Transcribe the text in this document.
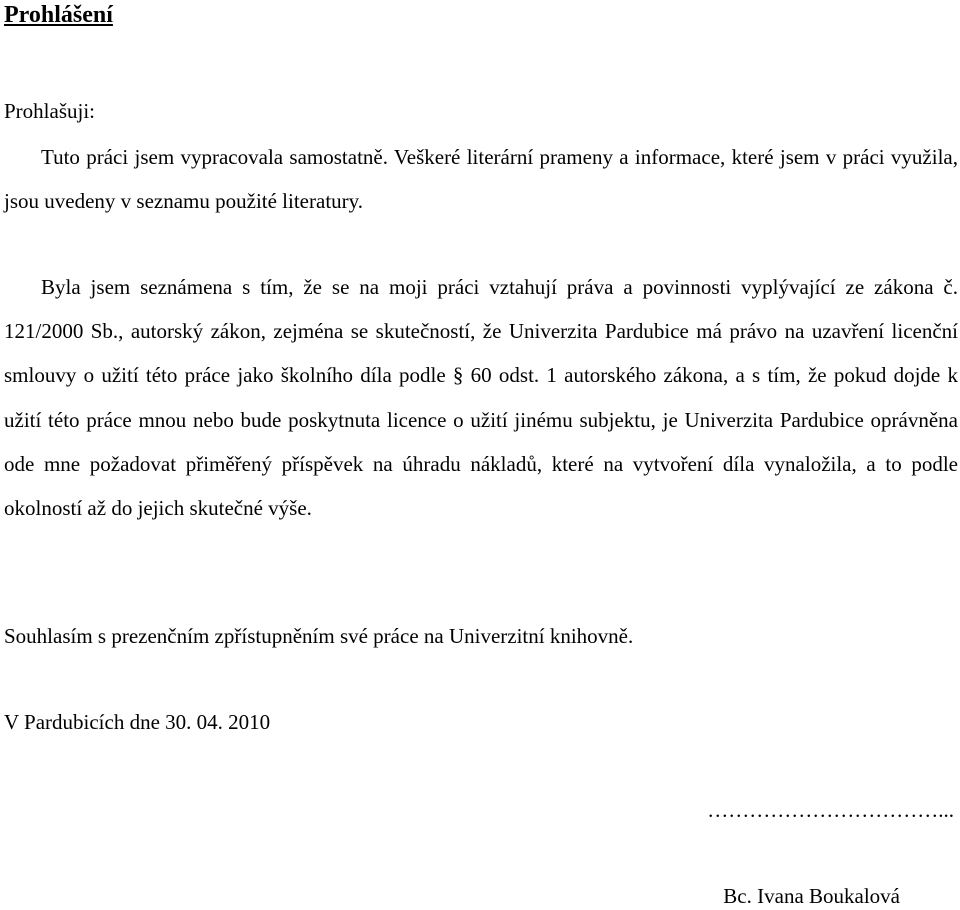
Prohlášení

Prohlašuji:

Tuto práci jsem vypracovala samostatně. Veškeré literární prameny a informace, které jsem v práci využila, jsou uvedeny v seznamu použité literatury.

Byla jsem seznámena s tím, že se na moji práci vztahují práva a povinnosti vyplývající ze zákona č. 121/2000 Sb., autorský zákon, zejména se skutečností, že Univerzita Pardubice má právo na uzavření licenční smlouvy o užití této práce jako školního díla podle § 60 odst. 1 autorského zákona, a s tím, že pokud dojde k užití této práce mnou nebo bude poskytnuta licence o užití jinému subjektu, je Univerzita Pardubice oprávněna ode mne požadovat přiměřený příspěvek na úhradu nákladů, které na vytvoření díla vynaložila, a to podle okolností až do jejich skutečné výše.

Souhlasím s prezenčním zpřístupněním své práce na Univerzitní knihovně.

V Pardubicích dne 30. 04. 2010

……………………………...

Bc. Ivana Boukalová
